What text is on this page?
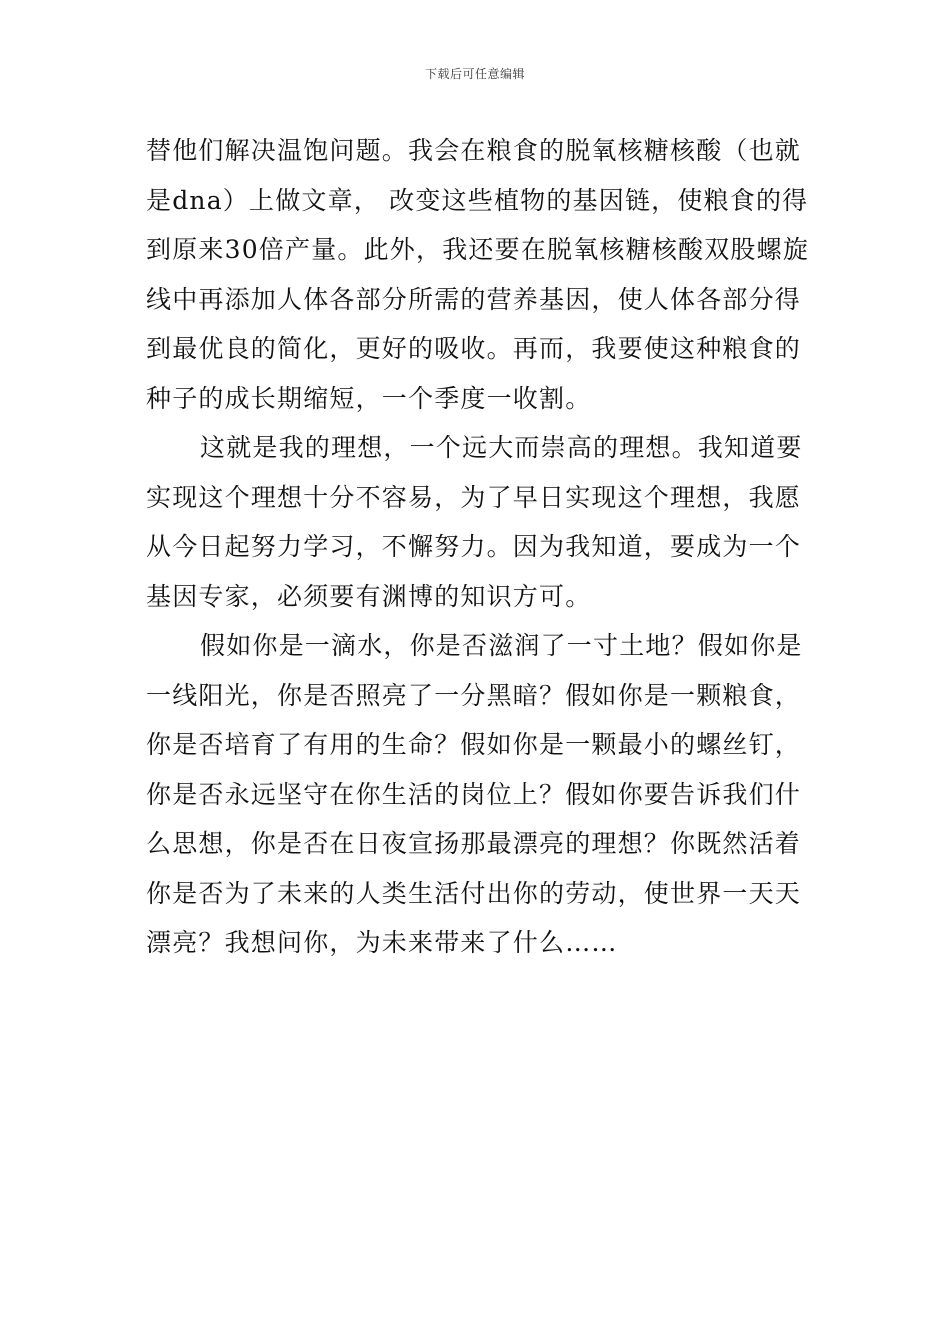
下载后可任意编辑
替他们解决温饱问题。我会在粮食的脱氧核糖核酸（也就
是dna）上做文章， 改变这些植物的基因链，使粮食的得
到原来30倍产量。此外，我还要在脱氧核糖核酸双股螺旋
线中再添加人体各部分所需的营养基因，使人体各部分得
到最优良的简化，更好的吸收。再而，我要使这种粮食的
种子的成长期缩短，一个季度一收割。
这就是我的理想，一个远大而崇高的理想。我知道要
实现这个理想十分不容易，为了早日实现这个理想，我愿
从今日起努力学习，不懈努力。因为我知道，要成为一个
基因专家，必须要有渊博的知识方可。
假如你是一滴水，你是否滋润了一寸土地？假如你是
一线阳光，你是否照亮了一分黑暗？假如你是一颗粮食，
你是否培育了有用的生命？假如你是一颗最小的螺丝钉，
你是否永远坚守在你生活的岗位上？假如你要告诉我们什
么思想，你是否在日夜宣扬那最漂亮的理想？你既然活着
你是否为了未来的人类生活付出你的劳动，使世界一天天
漂亮？我想问你，为未来带来了什么……
